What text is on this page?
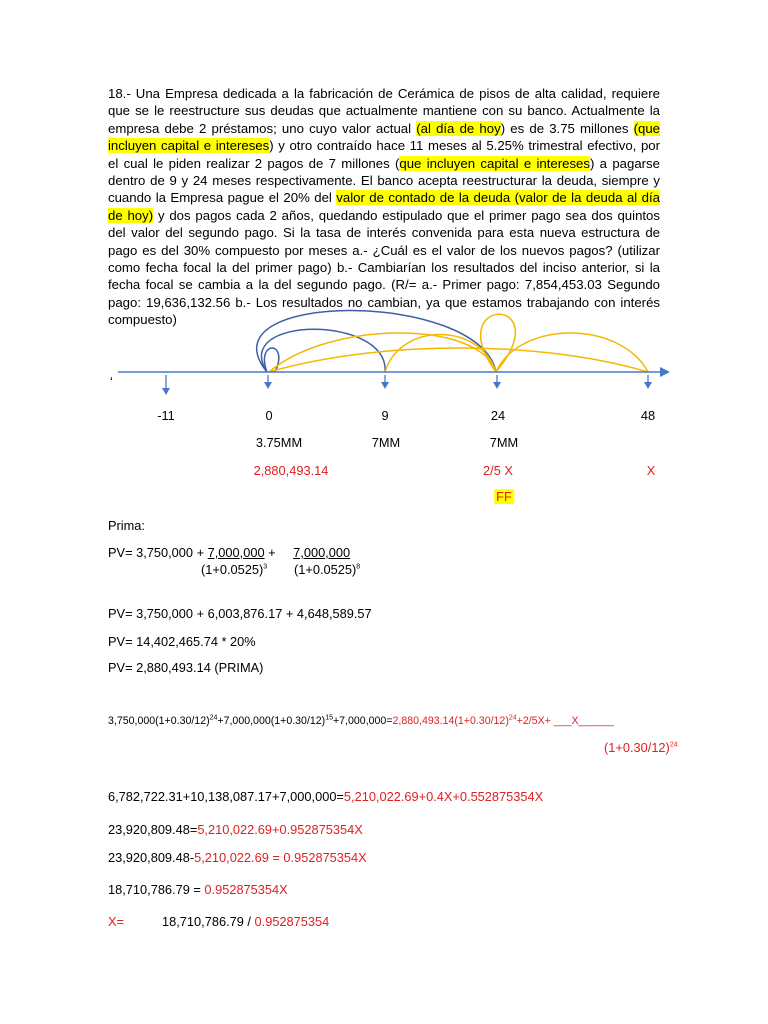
18.- Una Empresa dedicada a la fabricación de Cerámica de pisos de alta calidad, requiere que se le reestructure sus deudas que actualmente mantiene con su banco. Actualmente la empresa debe 2 préstamos; uno cuyo valor actual (al día de hoy) es de 3.75 millones (que incluyen capital e intereses) y otro contraído hace 11 meses al 5.25% trimestral efectivo, por el cual le piden realizar 2 pagos de 7 millones (que incluyen capital e intereses) a pagarse dentro de 9 y 24 meses respectivamente. El banco acepta reestructurar la deuda, siempre y cuando la Empresa pague el 20% del valor de contado de la deuda (valor de la deuda al día de hoy) y dos pagos cada 2 años, quedando estipulado que el primer pago sea dos quintos del valor del segundo pago. Si la tasa de interés convenida para esta nueva estructura de pago es del 30% compuesto por meses a.- ¿Cuál es el valor de los nuevos pagos? (utilizar como fecha focal la del primer pago) b.- Cambiarían los resultados del inciso anterior, si la fecha focal se cambia a la del segundo pago. (R/= a.- Primer pago: 7,854,453.03 Segundo pago: 19,636,132.56 b.- Los resultados no cambian, ya que estamos trabajando con interés compuesto)

‘
-11	0	9	24	48
3.75MM	7MM	7MM
2,880,493.14	2/5 X	X
FF
Prima:
PV= 3,750,000 + 7,000,000 + 7,000,000
$(1+0.0525)^3$ $(1+0.0525)^8$
PV= 3,750,000 + 6,003,876.17 + 4,648,589.57
PV= 14,402,465.74 * 20%
PV= 2,880,493.14 (PRIMA)
$3,750,000(1+0.30/12)^{24}+7,000,000(1+0.30/12)^{15}+7,000,000=2,880,493.14(1+0.30/12)^{24}+2/5X+$ ___X______
$(1+0.30/12)^{24}$
6,782,722.31+10,138,087.17+7,000,000=5,210,022.69+0.4X+0.552875354X
23,920,809.48=5,210,022.69+0.952875354X
23,920,809.48-5,210,022.69 = 0.952875354X
18,710,786.79 = 0.952875354X
X=	18,710,786.79 / 0.952875354
